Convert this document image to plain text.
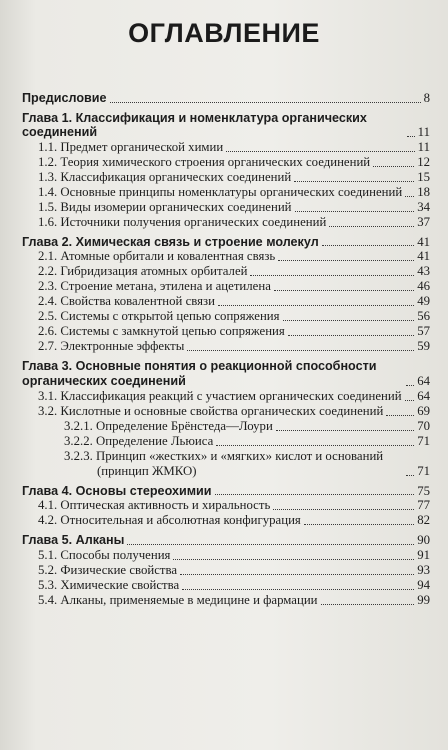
ОГЛАВЛЕНИЕ
Предисловие	8
Глава 1. Классификация и номенклатура органических соединений	11
1.1. Предмет органической химии	11
1.2. Теория химического строения органических соединений	12
1.3. Классификация органических соединений	15
1.4. Основные принципы номенклатуры органических соединений 18
1.5. Виды изомерии органических соединений	34
1.6. Источники получения органических соединений	37
Глава 2. Химическая связь и строение молекул	41
2.1. Атомные орбитали и ковалентная связь	41
2.2. Гибридизация атомных орбиталей	43
2.3. Строение метана, этилена и ацетилена	46
2.4. Свойства ковалентной связи	49
2.5. Системы с открытой цепью сопряжения	56
2.6. Системы с замкнутой цепью сопряжения	57
2.7. Электронные эффекты	59
Глава 3. Основные понятия о реакционной способности органических соединений	64
3.1. Классификация реакций с участием органических соединений 64
3.2. Кислотные и основные свойства органических соединений	69
3.2.1. Определение Брёнстеда—Лоури	70
3.2.2. Определение Льюиса	71
3.2.3. Принцип «жестких» и «мягких» кислот и оснований (принцип ЖМКО)	71
Глава 4. Основы стереохимии	75
4.1. Оптическая активность и хиральность	77
4.2. Относительная и абсолютная конфигурация	82
Глава 5. Алканы	90
5.1. Способы получения	91
5.2. Физические свойства	93
5.3. Химические свойства	94
5.4. Алканы, применяемые в медицине и фармации	99
